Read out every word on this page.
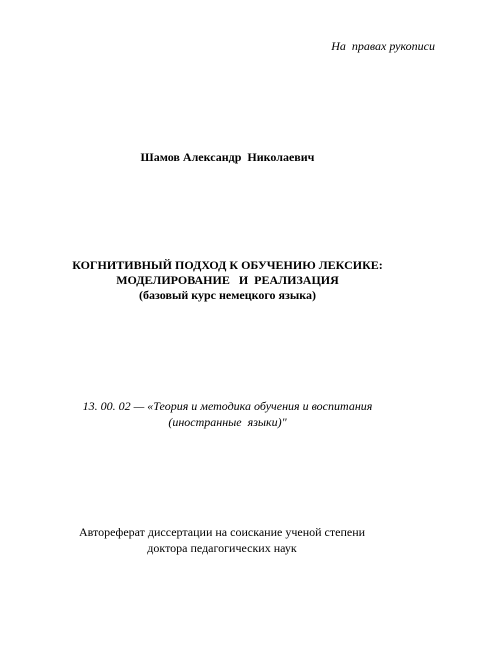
На  правах рукописи
Шамов Александр  Николаевич
КОГНИТИВНЫЙ ПОДХОД К ОБУЧЕНИЮ ЛЕКСИКЕ:
МОДЕЛИРОВАНИЕ   И  РЕАЛИЗАЦИЯ
(базовый курс немецкого языка)
13. 00. 02 — «Теория и методика обучения и воспитания
(иностранные  языки)"
Автореферат диссертации на соискание ученой степени
доктора педагогических наук
